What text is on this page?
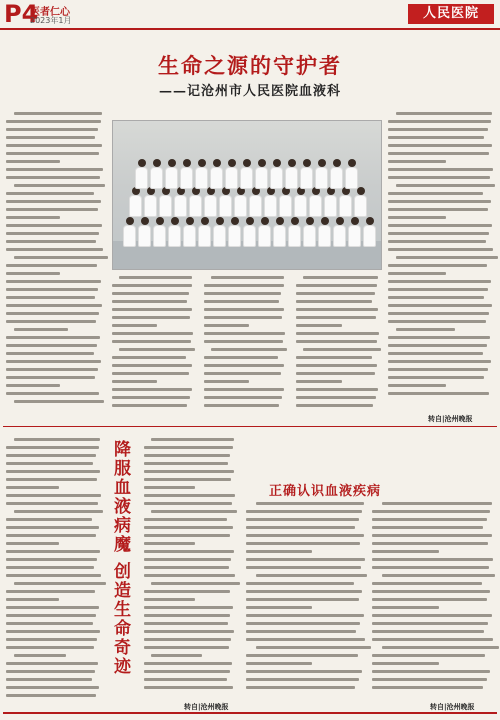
P4
医者仁心
2023年1月	人民医院
生命之源的守护者
——记沧州市人民医院血液科
转自|沧州晚报
降服血液病魔 创造生命奇迹
转自|沧州晚报
正确认识血液疾病
转自|沧州晚报
